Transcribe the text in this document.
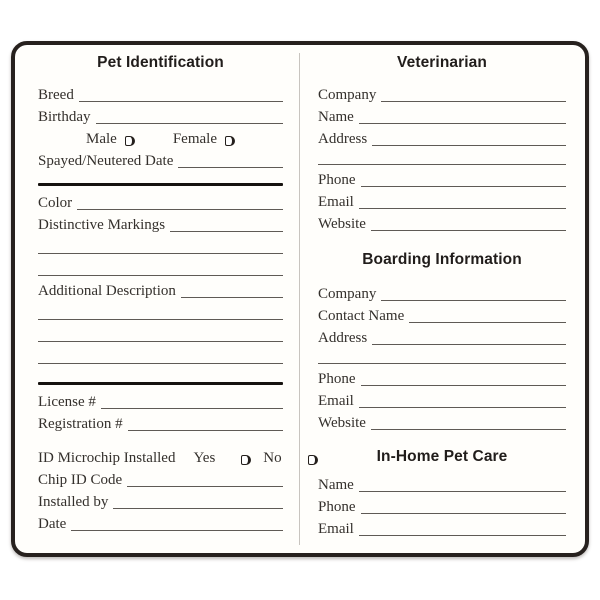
Pet Identification
Breed
Birthday
Male	Female
Spayed/Neutered Date
Color
Distinctive Markings
Additional Description
License #
Registration #
ID Microchip Installed	Yes	No
Chip ID Code
Installed by
Date
Veterinarian
Company
Name
Address
Phone
Email
Website
Boarding Information
Company
Contact Name
Address
Phone
Email
Website
In-Home Pet Care
Name
Phone
Email
